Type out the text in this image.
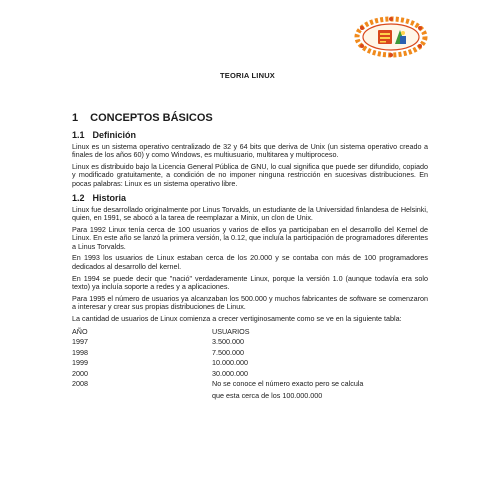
TEORIA LINUX
1 CONCEPTOS BÁSICOS
1.1 Definición

Linux es un sistema operativo centralizado de 32 y 64 bits que deriva de Unix (un sistema operativo creado a finales de los años 60) y como Windows, es multiusuario, multitarea y multiproceso.

Linux es distribuido bajo la Licencia General Pública de GNU, lo cual significa que puede ser difundido, copiado y modificado gratuitamente, a condición de no imponer ninguna restricción en sucesivas distribuciones. En pocas palabras: Linux es un sistema operativo libre.

1.2 Historia

Linux fue desarrollado originalmente por Linus Torvalds, un estudiante de la Universidad finlandesa de Helsinki, quien, en 1991, se abocó a la tarea de reemplazar a Minix, un clon de Unix.

Para 1992 Linux tenía cerca de 100 usuarios y varios de ellos ya participaban en el desarrollo del Kernel de Linux. En este año se lanzó la primera versión, la 0.12, que incluía la participación de programadores diferentes a Linus Torvalds.

En 1993 los usuarios de Linux estaban cerca de los 20.000 y se contaba con más de 100 programadores dedicados al desarrollo del kernel.

En 1994 se puede decir que "nació" verdaderamente Linux, porque la versión 1.0 (aunque todavía era solo texto) ya incluía soporte a redes y a aplicaciones.

Para 1995 el número de usuarios ya alcanzaban los 500.000 y muchos fabricantes de software se comenzaron a interesar y crear sus propias distribuciones de Linux.

La cantidad de usuarios de Linux comienza a crecer vertiginosamente como se ve en la siguiente tabla:

AÑO	USUARIOS
1997	3.500.000
1998	7.500.000
1999	10.000.000
2000	30.000.000
2008	No se conoce el número exacto pero se calcula
que esta cerca de los 100.000.000
